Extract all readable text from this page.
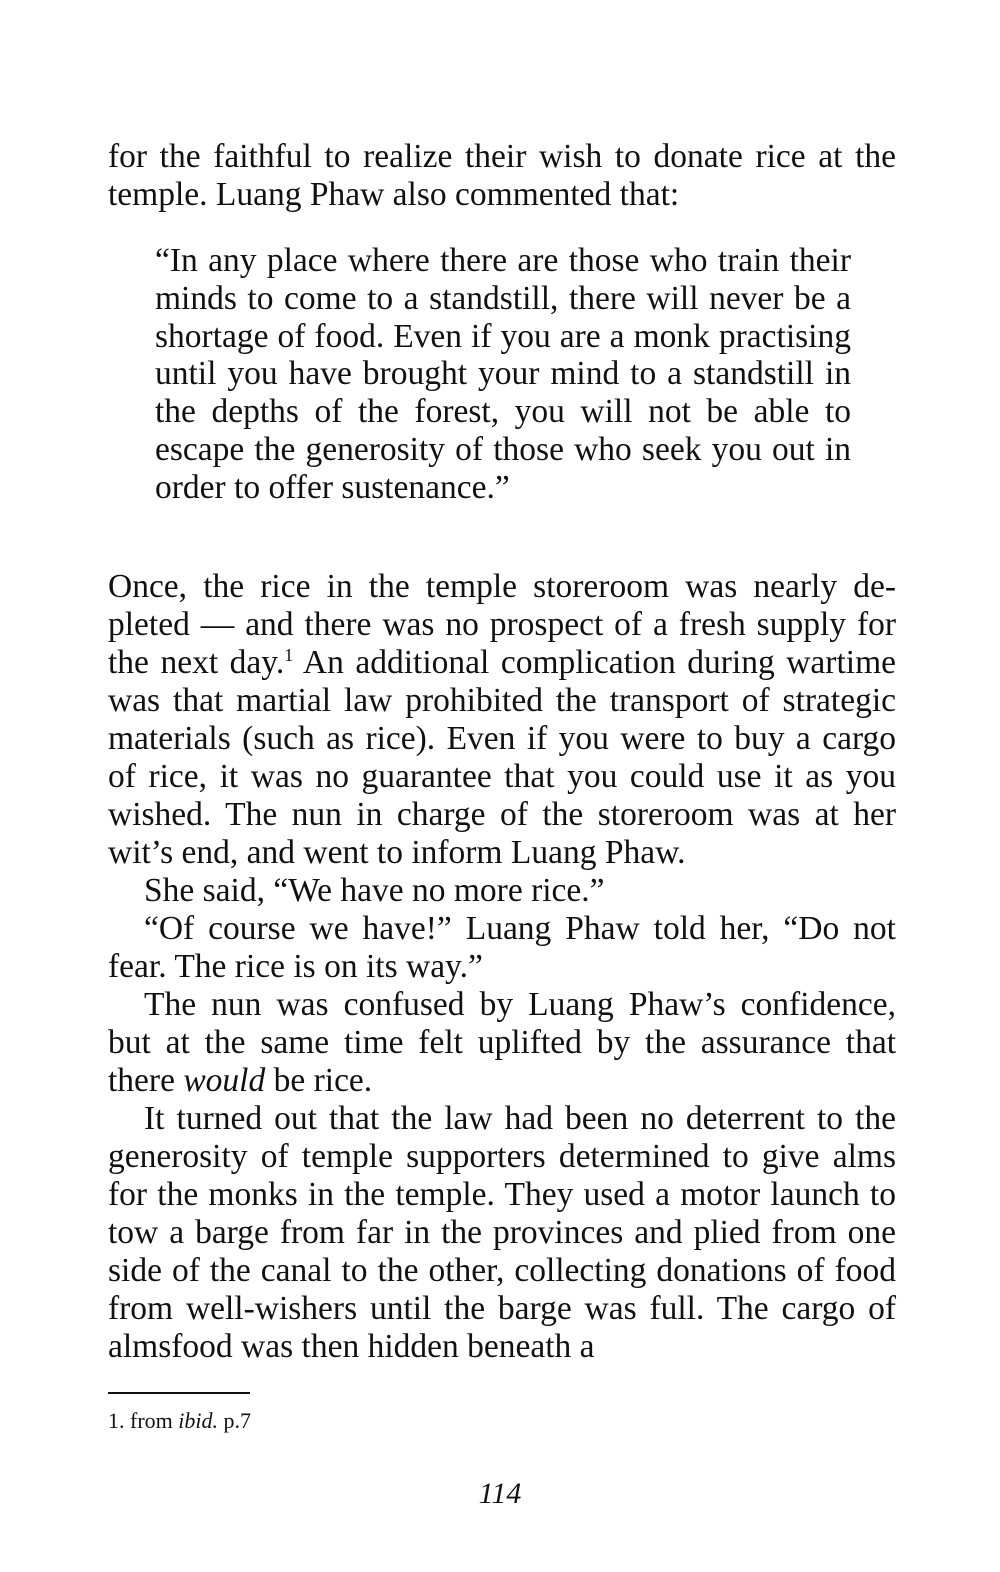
for the faithful to realize their wish to donate rice at the temple. Luang Phaw also commented that:
“In any place where there are those who train their minds to come to a standstill, there will never be a shortage of food. Even if you are a monk practising until you have brought your mind to a standstill in the depths of the forest, you will not be able to escape the generosity of those who seek you out in order to offer sustenance.”

Once, the rice in the temple storeroom was nearly depleted — and there was no prospect of a fresh supply for the next day.$^1$ An additional complication during wartime was that martial law prohibited the transport of strategic materials (such as rice). Even if you were to buy a cargo of rice, it was no guarantee that you could use it as you wished. The nun in charge of the storeroom was at her wit’s end, and went to inform Luang Phaw.

She said, “We have no more rice.”

“Of course we have!” Luang Phaw told her, “Do not fear. The rice is on its way.”

The nun was confused by Luang Phaw’s confidence, but at the same time felt uplifted by the assurance that there would be rice.

It turned out that the law had been no deterrent to the generosity of temple supporters determined to give alms for the monks in the temple. They used a motor launch to tow a barge from far in the provinces and plied from one side of the canal to the other, collecting donations of food from well-wishers until the barge was full. The cargo of almsfood was then hidden beneath a

1. from ibid. p.7
114
